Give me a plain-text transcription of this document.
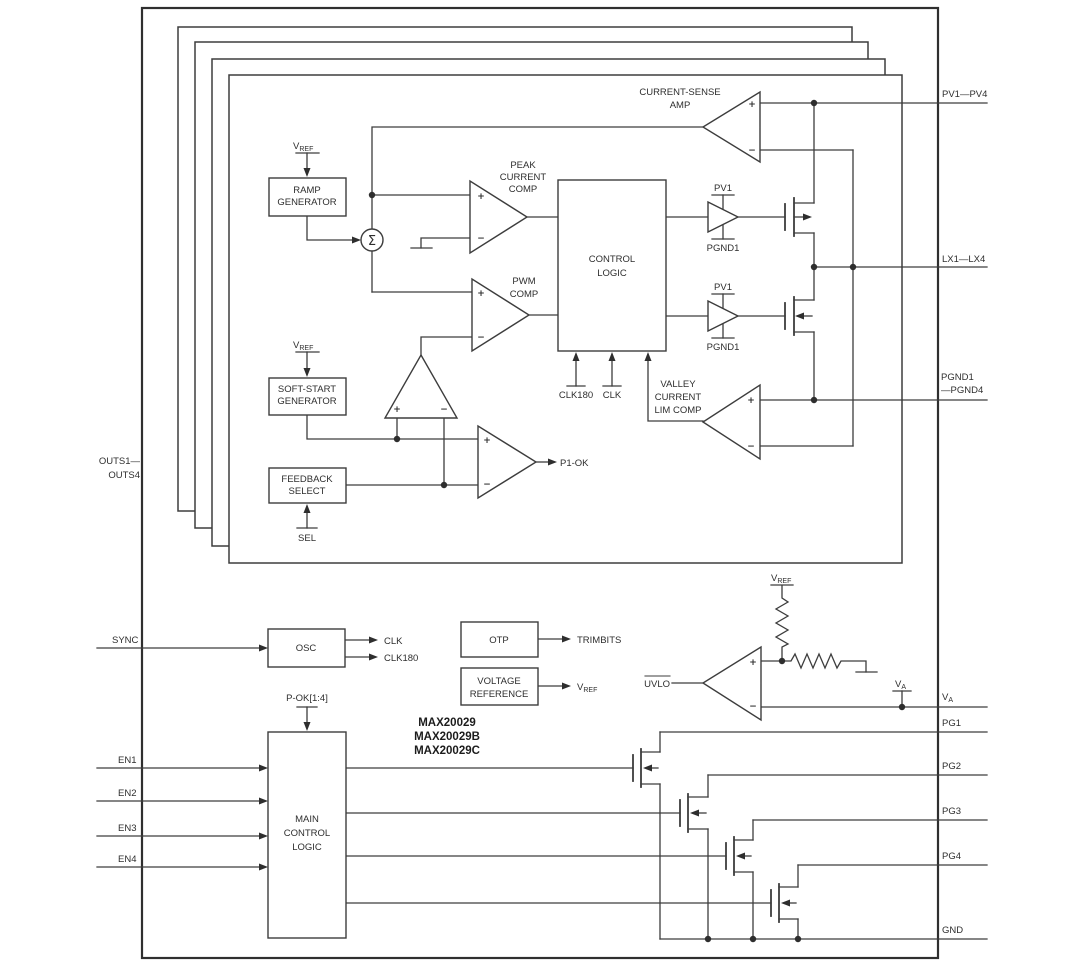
Σ
RAMP
GENERATOR
SOFT-START
GENERATOR
FEEDBACK
SELECT
CONTROL
LOGIC
CURRENT-SENSE
AMP	+
−
PEAK
CURRENT
COMP
+
−
PWM
COMP
+
−
+	−
+
−
P1-OK
VALLEY
CURRENT
LIM COMP
+
−
PV1
PGND1
PV1
PGND1
$V_{REF}$
$V_{REF}$
SEL
CLK180 CLK
OSC
OTP
VOLTAGE
REFERENCE
MAIN
CONTROL
LOGIC
+
−
UVLO
$V_{REF}$
$V_A$
MAX20029
MAX20029B
MAX20029C
OUTS1—
OUTS4
SYNC
EN1
EN2
EN3
EN4
PV1—PV4
LX1—LX4
PGND1
—PGND4
$V_A$
PG1
PG2
PG3
PG4
GND
CLK
CLK180
TRIMBITS
$V_{REF}$
P-OK[1:4]
